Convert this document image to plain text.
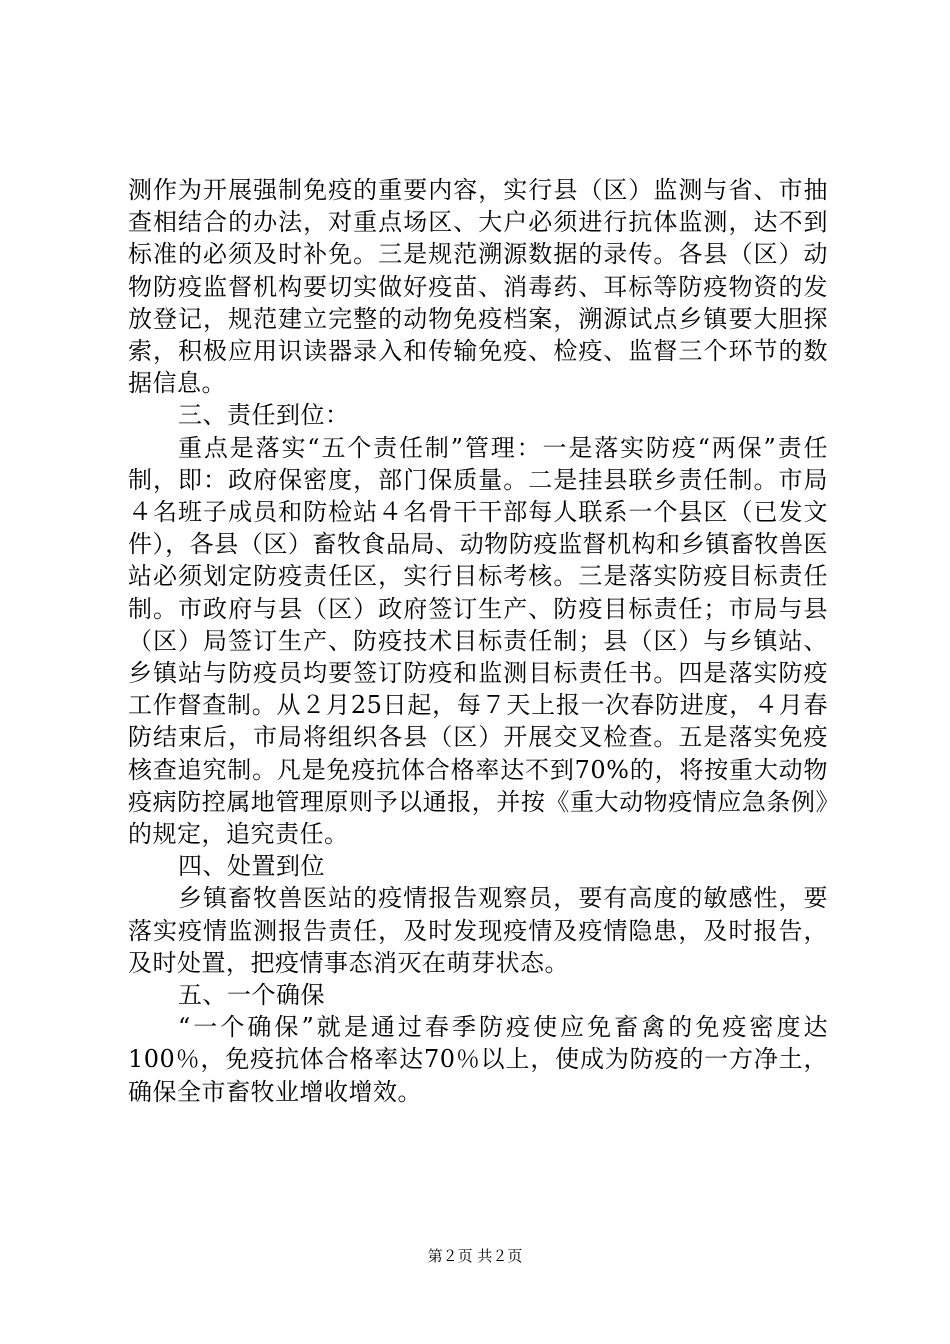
测作为开展强制免疫的重要内容，实行县（区）监测与省、市抽查相结合的办法，对重点场区、大户必须进行抗体监测，达不到标准的必须及时补免。三是规范溯源数据的录传。各县（区）动物防疫监督机构要切实做好疫苗、消毒药、耳标等防疫物资的发放登记，规范建立完整的动物免疫档案，溯源试点乡镇要大胆探索，积极应用识读器录入和传输免疫、检疫、监督三个环节的数据信息。

三、责任到位：

重点是落实“五个责任制”管理：一是落实防疫“两保”责任制，即：政府保密度，部门保质量。二是挂县联乡责任制。市局４名班子成员和防检站４名骨干干部每人联系一个县区（已发文件），各县（区）畜牧食品局、动物防疫监督机构和乡镇畜牧兽医站必须划定防疫责任区，实行目标考核。三是落实防疫目标责任制。市政府与县（区）政府签订生产、防疫目标责任；市局与县（区）局签订生产、防疫技术目标责任制；县（区）与乡镇站、乡镇站与防疫员均要签订防疫和监测目标责任书。四是落实防疫工作督查制。从２月25日起，每７天上报一次春防进度，４月春防结束后，市局将组织各县（区）开展交叉检查。五是落实免疫核查追究制。凡是免疫抗体合格率达不到70%的，将按重大动物疫病防控属地管理原则予以通报，并按《重大动物疫情应急条例》的规定，追究责任。

四、处置到位

乡镇畜牧兽医站的疫情报告观察员，要有高度的敏感性，要落实疫情监测报告责任，及时发现疫情及疫情隐患，及时报告，及时处置，把疫情事态消灭在萌芽状态。

五、一个确保

“一个确保”就是通过春季防疫使应免畜禽的免疫密度达100％，免疫抗体合格率达70％以上，使成为防疫的一方净土，确保全市畜牧业增收增效。

第２页 共２页
